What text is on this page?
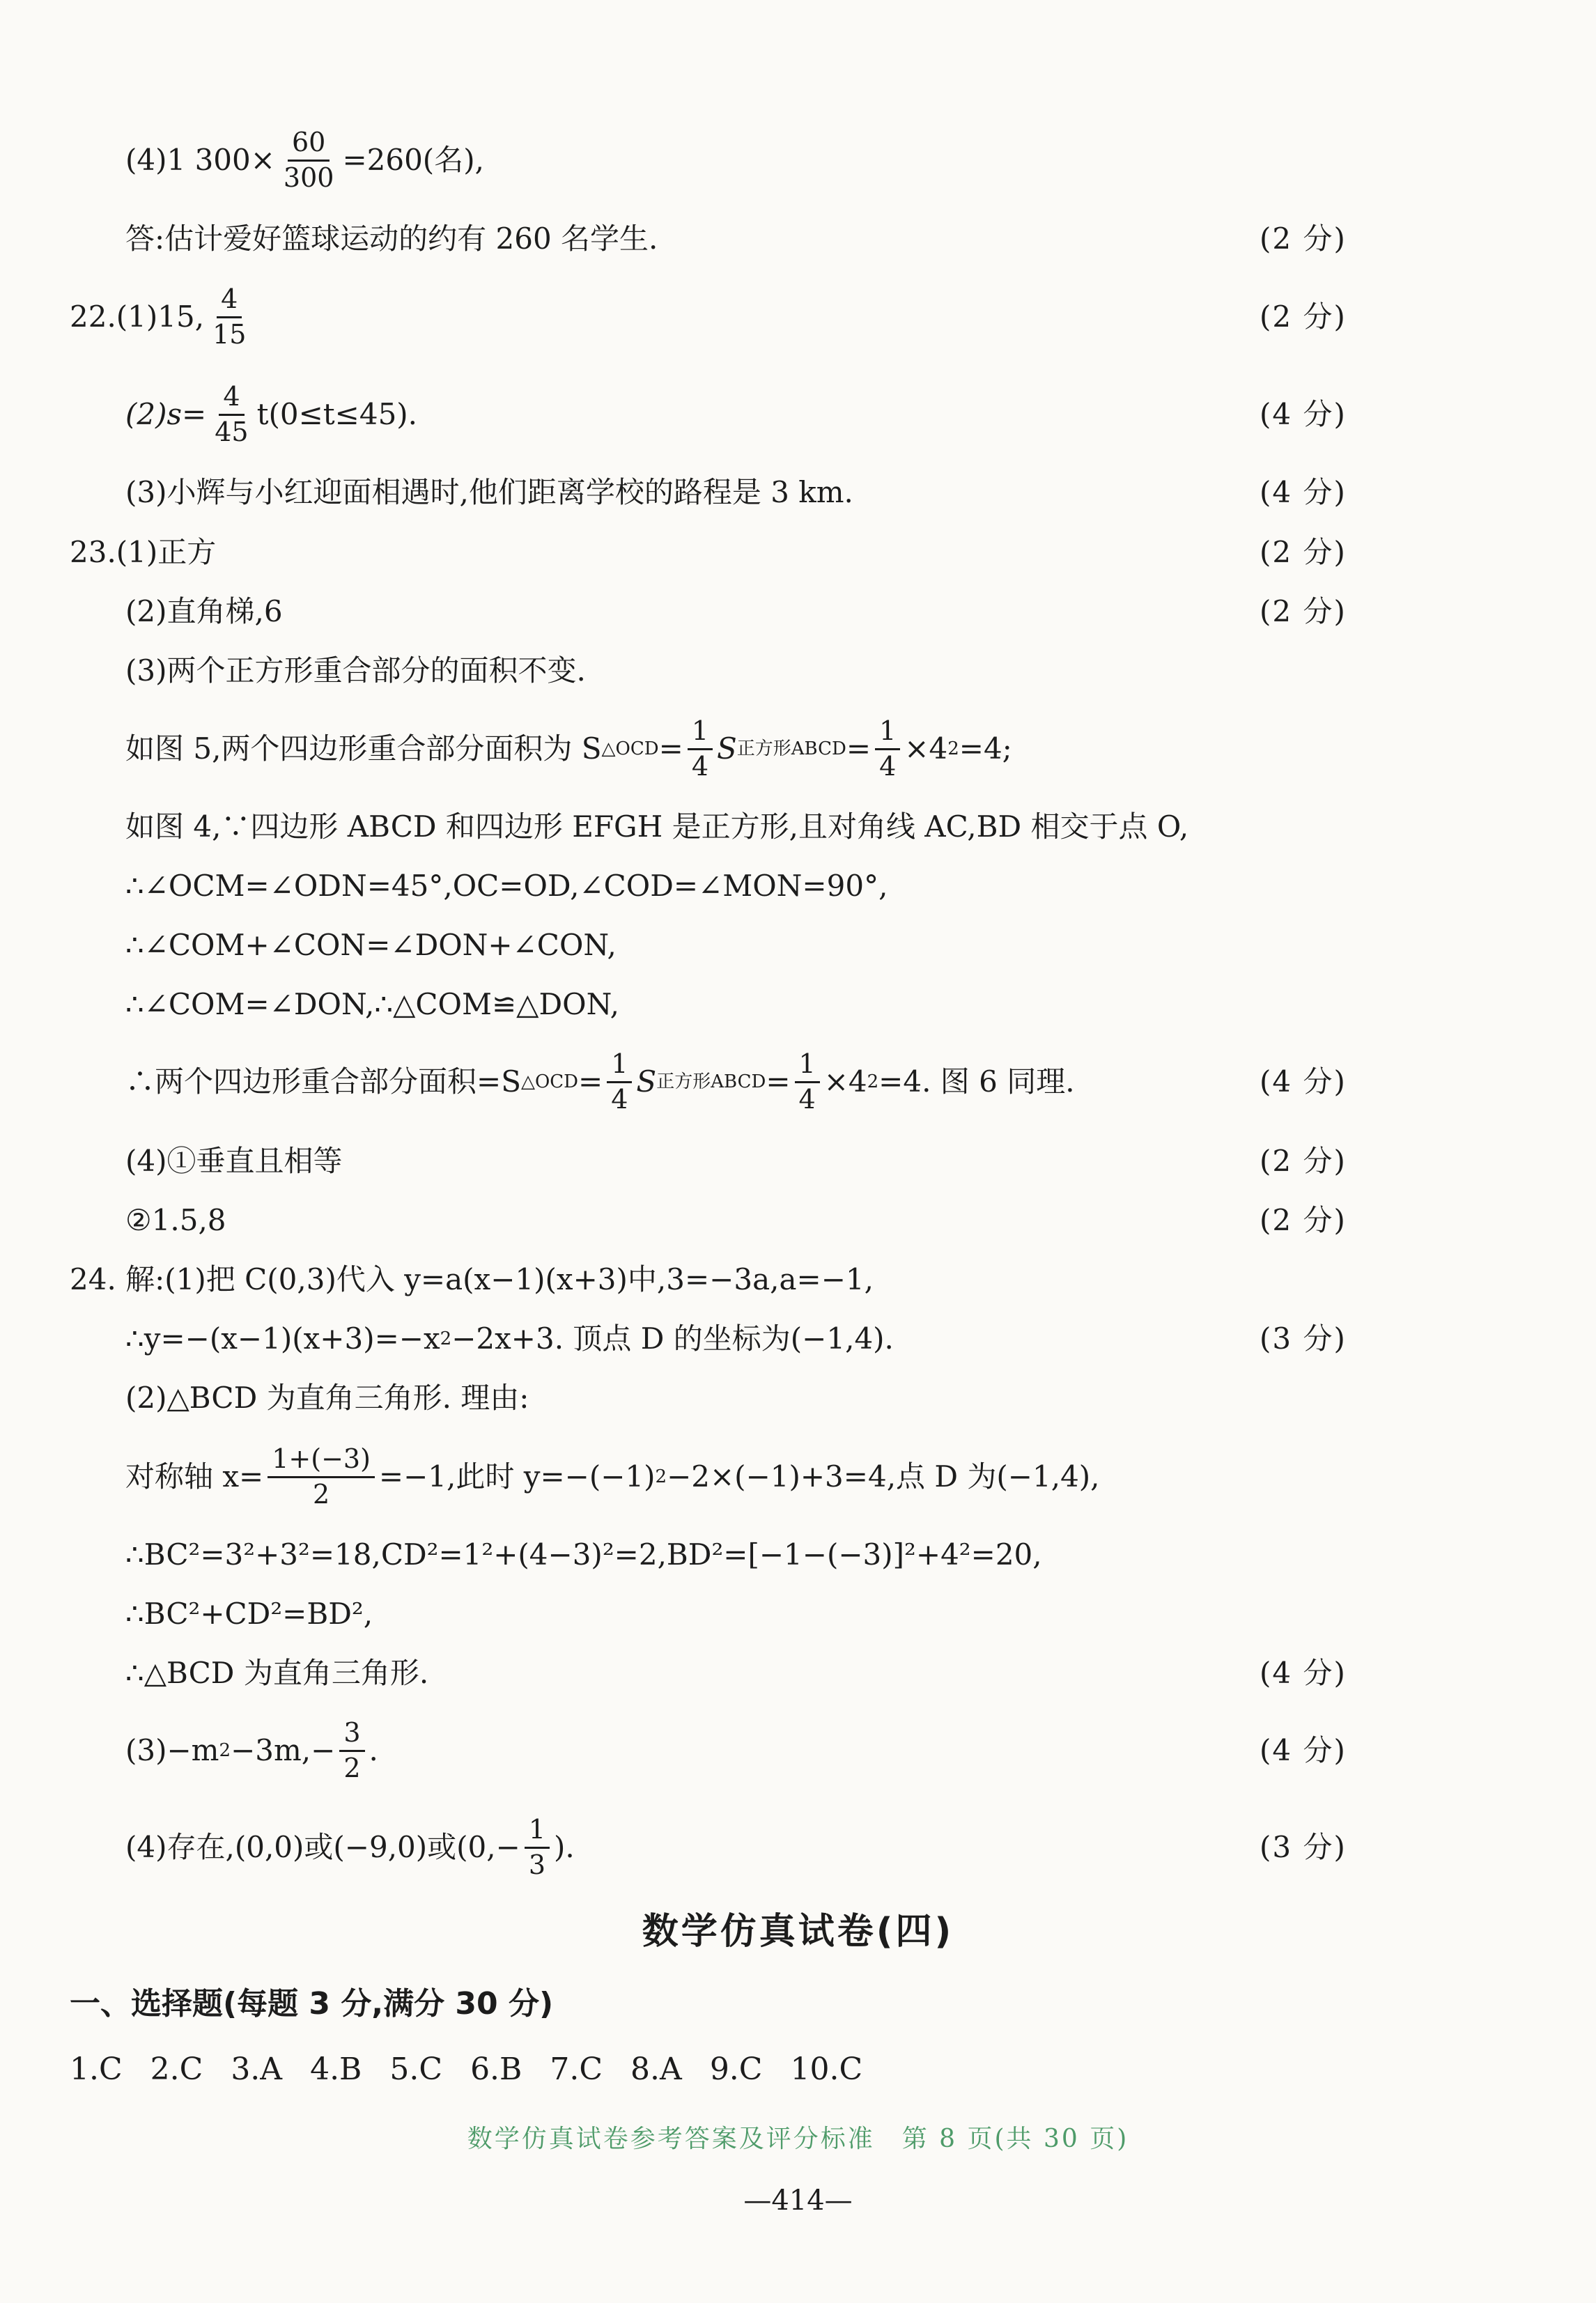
(4)1 $300\times \frac{60}{300} =260$(名),
答:估计爱好篮球运动的约有 260 名学生.	(2 分)
22.(1)15, $\frac{4}{15}$	(2 分)
$(2)s= \frac{4}{45} t(0\le t\le 45)$.	(4 分)
(3)小辉与小红迎面相遇时,他们距离学校的路程是 3 km.	(4 分)
23.(1)正方	(2 分)
(2)直角梯,6	(2 分)
(3)两个正方形重合部分的面积不变.
如图 5,两个四边形重合部分面积为 S △OCD = $\frac{1}{4}$ S 正方形ABCD = $\frac{1}{4} \times 4$ 2 =4;
如图 4,∵四边形 ABCD 和四边形 EFGH 是正方形,且对角线 AC,BD 相交于点 O,
∴∠OCM=∠ODN=45°,OC=OD,∠COD=∠MON=90°,
∴∠COM+∠CON=∠DON+∠CON,
∴∠COM=∠DON,∴△COM≌△DON,
∴两个四边形重合部分面积=S △OCD = $\frac{1}{4}$ S 正方形ABCD = $\frac{1}{4} \times 4$ 2 =4. 图 6 同理.	(4 分)
(4)①垂直且相等	(2 分)
②1.5,8	(2 分)
24. 解:(1)把 C(0,3)代入 y=a(x−1)(x+3)中,3=−3a,a=−1,
∴y=−(x−1)(x+3)=−x 2 −2x+3. 顶点 D 的坐标为(−1,4).	(3 分)
(2)△BCD 为直角三角形. 理由:
对称轴 $x= \frac{1+(-3)}{2} =-1$,此时 y=−(−1) 2 −2×(−1)+3=4,点 D 为(−1,4),
∴BC²=3²+3²=18,CD²=1²+(4−3)²=2,BD²=[−1−(−3)]²+4²=20,
∴BC²+CD²=BD²,
∴△BCD 为直角三角形.	(4 分)
(3)−m $2 -3m,- \frac{3}{2}$ .	(4 分)
(4)存在,(0,0)或(−9,0)或($0,- \frac{1}{3}$ ).	(3 分)
数学仿真试卷(四)
一、选择题(每题 3 分,满分 30 分)
1.C 2.C 3.A 4.B 5.C 6.B 7.C 8.A 9.C 10.C
数学仿真试卷参考答案及评分标准　第 8 页(共 30 页)
—414—
